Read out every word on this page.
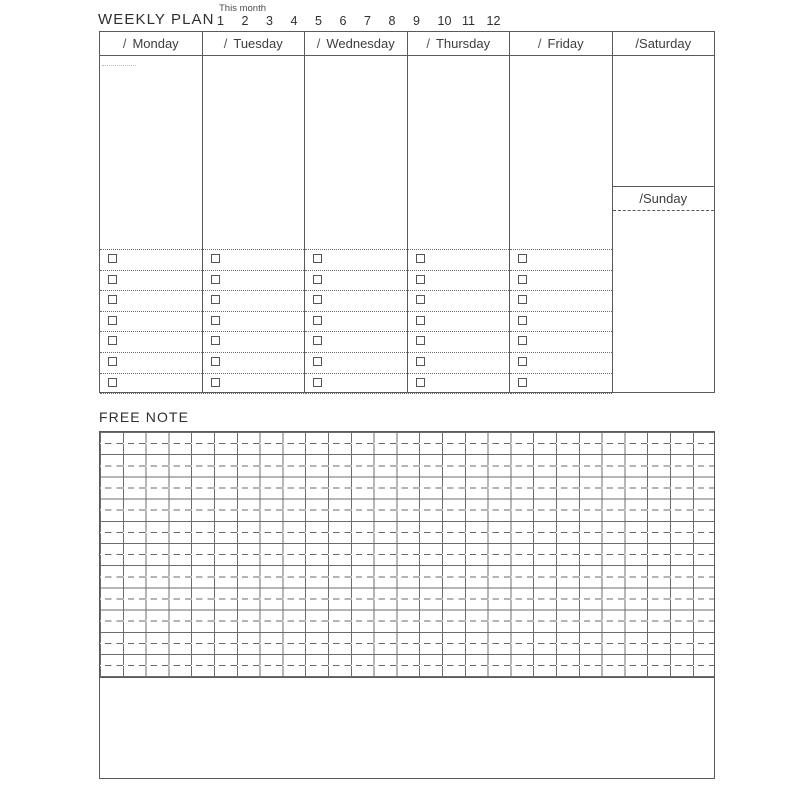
WEEKLY PLAN
This month
1	2	3	4	5	6	7	8	9	10 11 12
/ Monday	/ Tuesday	/ Wednesday / Thursday	/ Friday	/ Saturday
/ Sunday
FREE NOTE
